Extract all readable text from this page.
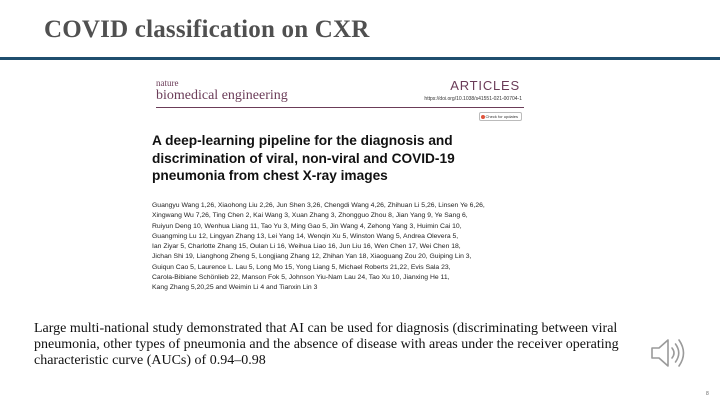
COVID classification on CXR
nature
biomedical engineering
ARTICLES
https://doi.org/10.1038/s41551-021-00704-1
Check for updates
A deep-learning pipeline for the diagnosis and
discrimination of viral, non-viral and COVID-19
pneumonia from chest X-ray images
Guangyu Wang 1,26, Xiaohong Liu 2,26, Jun Shen 3,26, Chengdi Wang 4,26, Zhihuan Li 5,26, Linsen Ye 6,26,
Xingwang Wu 7,26, Ting Chen 2, Kai Wang 3, Xuan Zhang 3, Zhongguo Zhou 8, Jian Yang 9, Ye Sang 6,
Ruiyun Deng 10, Wenhua Liang 11, Tao Yu 3, Ming Gao 5, Jin Wang 4, Zehong Yang 3, Huimin Cai 10,
Guangming Lu 12, Lingyan Zhang 13, Lei Yang 14, Wenqin Xu 5, Winston Wang 5, Andrea Olevera 5,
Ian Ziyar 5, Charlotte Zhang 15, Oulan Li 16, Weihua Liao 16, Jun Liu 16, Wen Chen 17, Wei Chen 18,
Jichan Shi 19, Lianghong Zheng 5, Longjiang Zhang 12, Zhihan Yan 18, Xiaoguang Zou 20, Guiping Lin 3,
Guiqun Cao 5, Laurence L. Lau 5, Long Mo 15, Yong Liang 5, Michael Roberts 21,22, Evis Sala 23,
Carola-Bibiane Schönlieb 22, Manson Fok 5, Johnson Yiu-Nam Lau 24, Tao Xu 10, Jianxing He 11,
Kang Zhang 5,20,25 and Weimin Li 4 and Tianxin Lin 3
Large multi-national study demonstrated that AI can be used for diagnosis (discriminating between viral pneumonia, other types of pneumonia and the absence of disease with areas under the receiver operating characteristic curve (AUCs) of 0.94–0.98
8
